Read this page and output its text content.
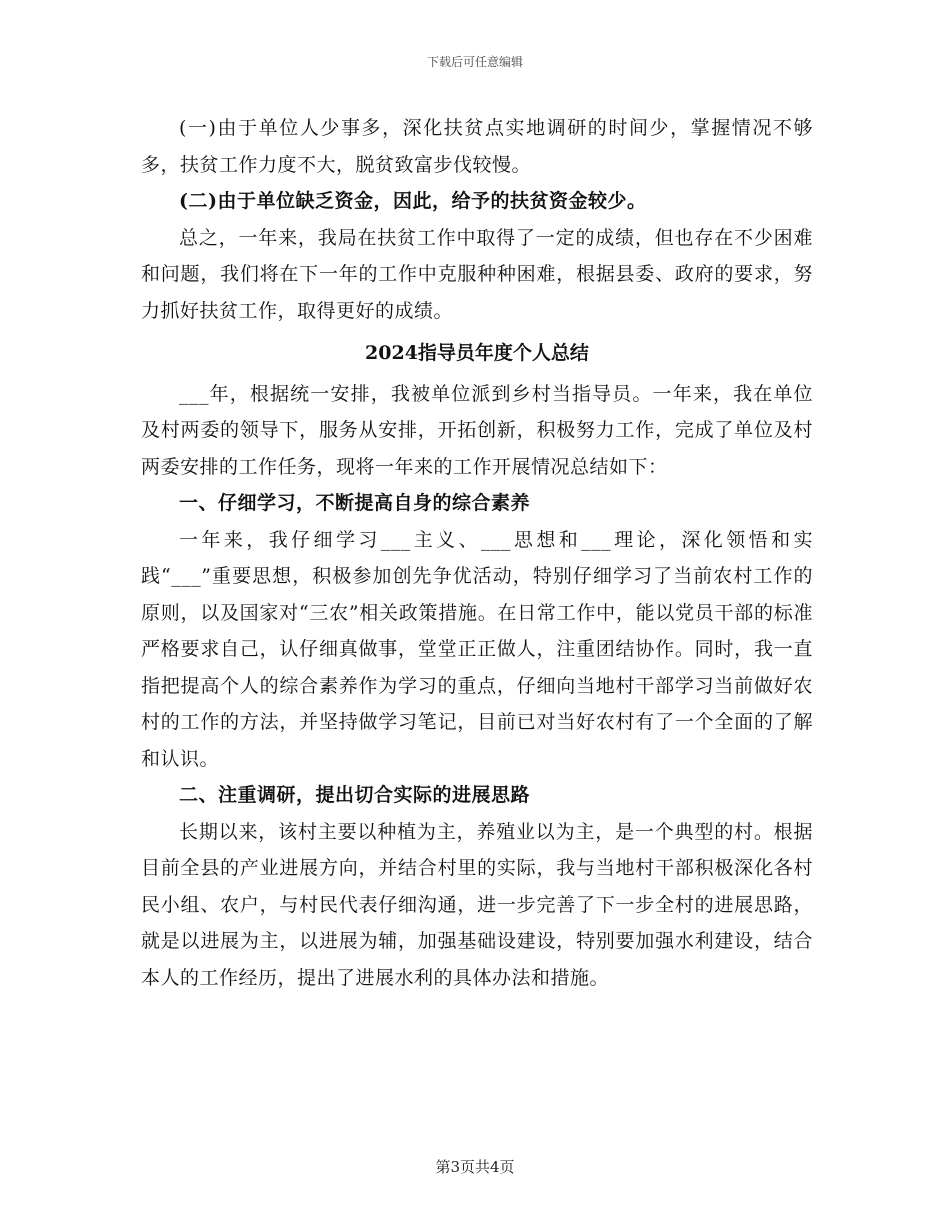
下载后可任意编辑

(一)由于单位人少事多，深化扶贫点实地调研的时间少，掌握情况不够多，扶贫工作力度不大，脱贫致富步伐较慢。

(二)由于单位缺乏资金，因此，给予的扶贫资金较少。

总之，一年来，我局在扶贫工作中取得了一定的成绩，但也存在不少困难和问题，我们将在下一年的工作中克服种种困难，根据县委、政府的要求，努力抓好扶贫工作，取得更好的成绩。

2024指导员年度个人总结

___年，根据统一安排，我被单位派到乡村当指导员。一年来，我在单位及村两委的领导下，服务从安排，开拓创新，积极努力工作，完成了单位及村两委安排的工作任务，现将一年来的工作开展情况总结如下：

一、仔细学习，不断提高自身的综合素养

一年来，我仔细学习___主义、___思想和___理论，深化领悟和实践“___”重要思想，积极参加创先争优活动，特别仔细学习了当前农村工作的原则，以及国家对“三农”相关政策措施。在日常工作中，能以党员干部的标准严格要求自己，认仔细真做事，堂堂正正做人，注重团结协作。同时，我一直指把提高个人的综合素养作为学习的重点，仔细向当地村干部学习当前做好农村的工作的方法，并坚持做学习笔记，目前已对当好农村有了一个全面的了解和认识。

二、注重调研，提出切合实际的进展思路

长期以来，该村主要以种植为主，养殖业以为主，是一个典型的村。根据目前全县的产业进展方向，并结合村里的实际，我与当地村干部积极深化各村民小组、农户，与村民代表仔细沟通，进一步完善了下一步全村的进展思路，就是以进展为主，以进展为辅，加强基础设建设，特别要加强水利建设，结合本人的工作经历，提出了进展水利的具体办法和措施。

第3页共4页
